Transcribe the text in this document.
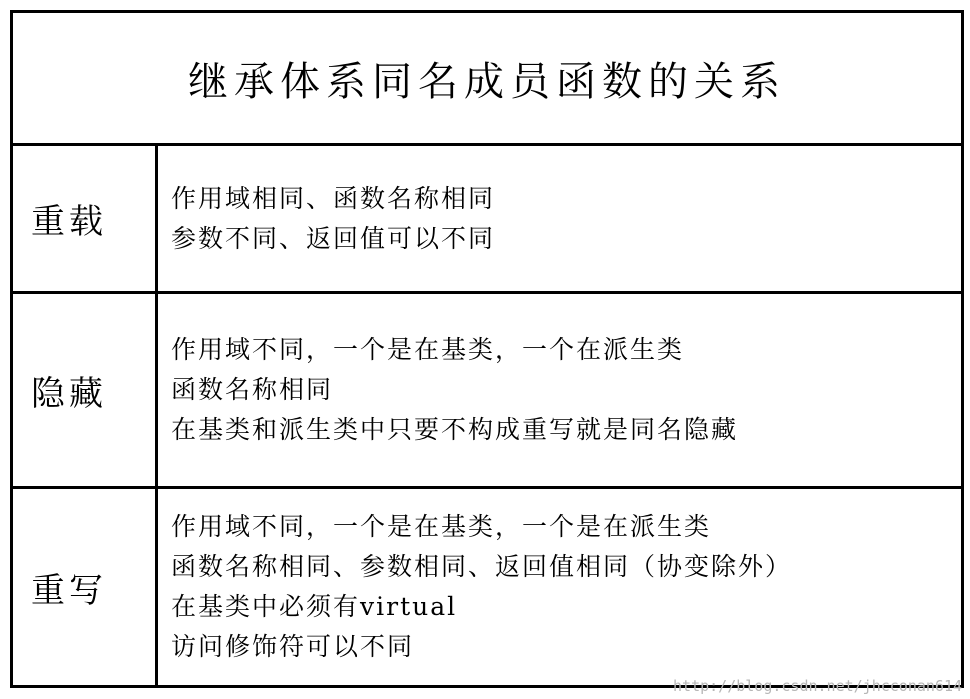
继承体系同名成员函数的关系
重载
作用域相同、函数名称相同
参数不同、返回值可以不同
隐藏
作用域不同，一个是在基类，一个在派生类
函数名称相同
在基类和派生类中只要不构成重写就是同名隐藏
重写
作用域不同，一个是在基类，一个是在派生类
函数名称相同、参数相同、返回值相同（协变除外）
在基类中必须有virtual
访问修饰符可以不同
http://blog.csdn.net/jhcconan614
